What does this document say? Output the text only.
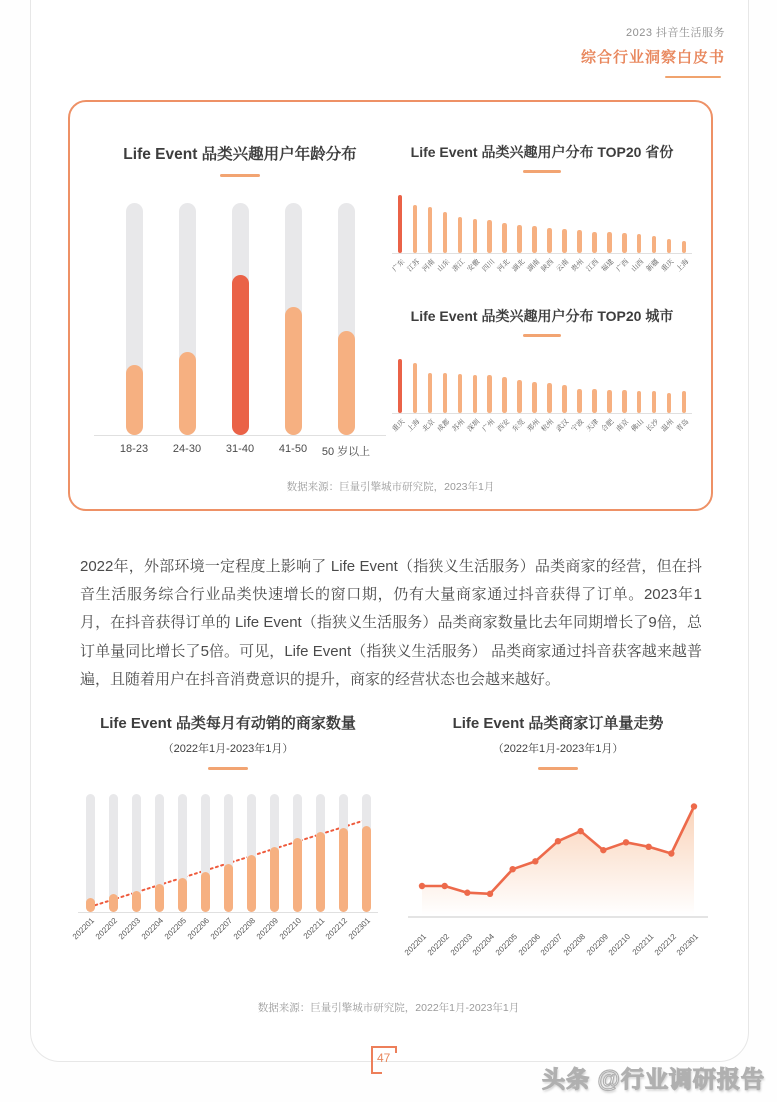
2023 抖音生活服务
综合行业洞察白皮书
Life Event 品类兴趣用户年龄分布
18-23 24-30 31-40 41-50 50 岁以上
Life Event 品类兴趣用户分布 TOP20 省份
广东 江苏 河南 山东 浙江 安徽 四川 河北 湖北 湖南 陕西 云南 贵州 江西 福建 广西 山西 新疆 重庆 上海
Life Event 品类兴趣用户分布 TOP20 城市
重庆 上海 北京 成都 苏州 深圳 广州 西安 东莞 郑州 杭州 武汉 宁波 天津 合肥 南京 佛山 长沙 温州 青岛
数据来源：巨量引擎城市研究院，2023年1月

2022年，外部环境一定程度上影响了 Life Event（指狭义生活服务）品类商家的经营，但在抖音生活服务综合行业品类快速增长的窗口期，仍有大量商家通过抖音获得了订单。2023年1月，在抖音获得订单的 Life Event（指狭义生活服务）品类商家数量比去年同期增长了9倍，总订单量同比增长了5倍。可见，Life Event（指狭义生活服务） 品类商家通过抖音获客越来越普遍，且随着用户在抖音消费意识的提升，商家的经营状态也会越来越好。

Life Event 品类每月有动销的商家数量
（2022年1月-2023年1月）
202201
202202
202203
202204
202205
202206
202207
202208
202209
202210
202211
202212
202301
Life Event 品类商家订单量走势
（2022年1月-2023年1月）
202201
202202
202203
202204
202205
202206
202207
202208
202209
202210
202211
202212
202301
数据来源：巨量引擎城市研究院，2022年1月-2023年1月
47
头条 @行业调研报告
